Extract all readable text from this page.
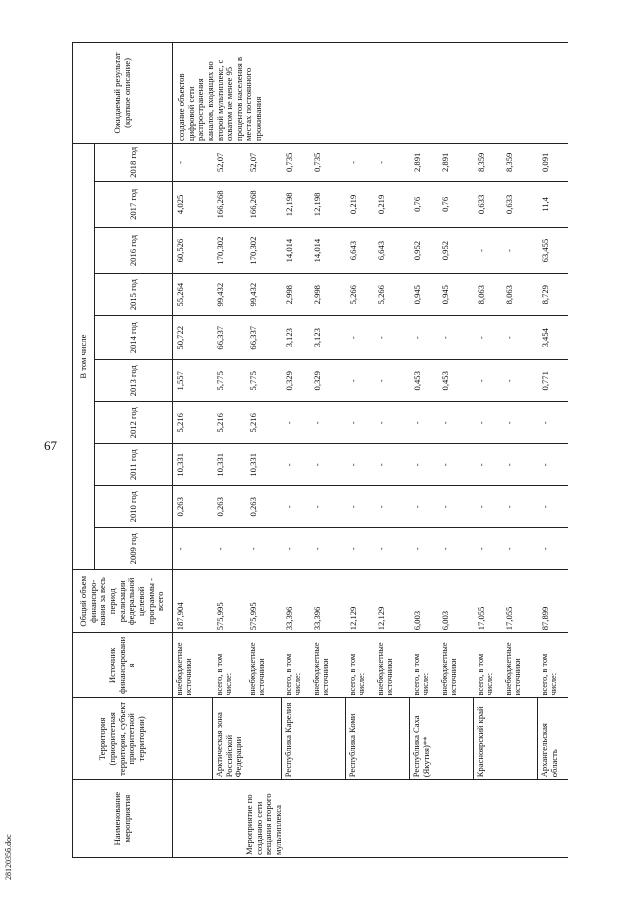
67
2812035б.doc
Наименование мероприятия	Территория (приоритетная территория, субъект приоритетной территории)	Источник финансирования	Общий объем финансиро-вания за весь период реализации федеральной целевой программы - всего	В том числе										Ожидаемый результат (краткое описание)
				2009 год	2010 год	2011 год	2012 год	2013 год	2014 год	2015 год	2016 год	2017 год	2018 год	
Мероприятие по созданию сети вещания второго мультиплекса		внебюджетные источники	187,904	-	0,263	10,331	5,216	1,557	50,722	55,264	60,526	4,025	-	создание объектов цифровой сети распространения каналов, входящих во второй мультиплекс, с охватом не менее 95 процентов населения в местах постоянного проживания
	Арктическая зона Российской Федерации	всего, в том числе:	575,995	-	0,263	10,331	5,216	5,775	66,337	99,432	170,302	166,268	52,07	
		внебюджетные источники	575,995	-	0,263	10,331	5,216	5,775	66,337	99,432	170,302	166,268	52,07	
	Республика Карелия	всего, в том числе:	33,396	-	-	-	-	0,329	3,123	2,998	14,014	12,198	0,735	
		внебюджетные источники	33,396	-	-	-	-	0,329	3,123	2,998	14,014	12,198	0,735	
	Республика Коми	всего, в том числе:	12,129	-	-	-	-	-	-	5,266	6,643	0,219	-	
		внебюджетные источники	12,129	-	-	-	-	-	-	5,266	6,643	0,219	-	
	Республика Саха (Якутия)**	всего, в том числе:	6,003	-	-	-	-	0,453	-	0,945	0,952	0,76	2,891	
		внебюджетные источники	6,003	-	-	-	-	0,453	-	0,945	0,952	0,76	2,891	
	Красноярский край	всего, в том числе:	17,055	-	-	-	-	-	-	8,063	-	0,633	8,359	
		внебюджетные источники	17,055	-	-	-	-	-	-	8,063	-	0,633	8,359	
	Архангельская область	всего, в том числе:	87,899	-	-	-	-	0,771	3,454	8,729	63,455	11,4	0,091	
